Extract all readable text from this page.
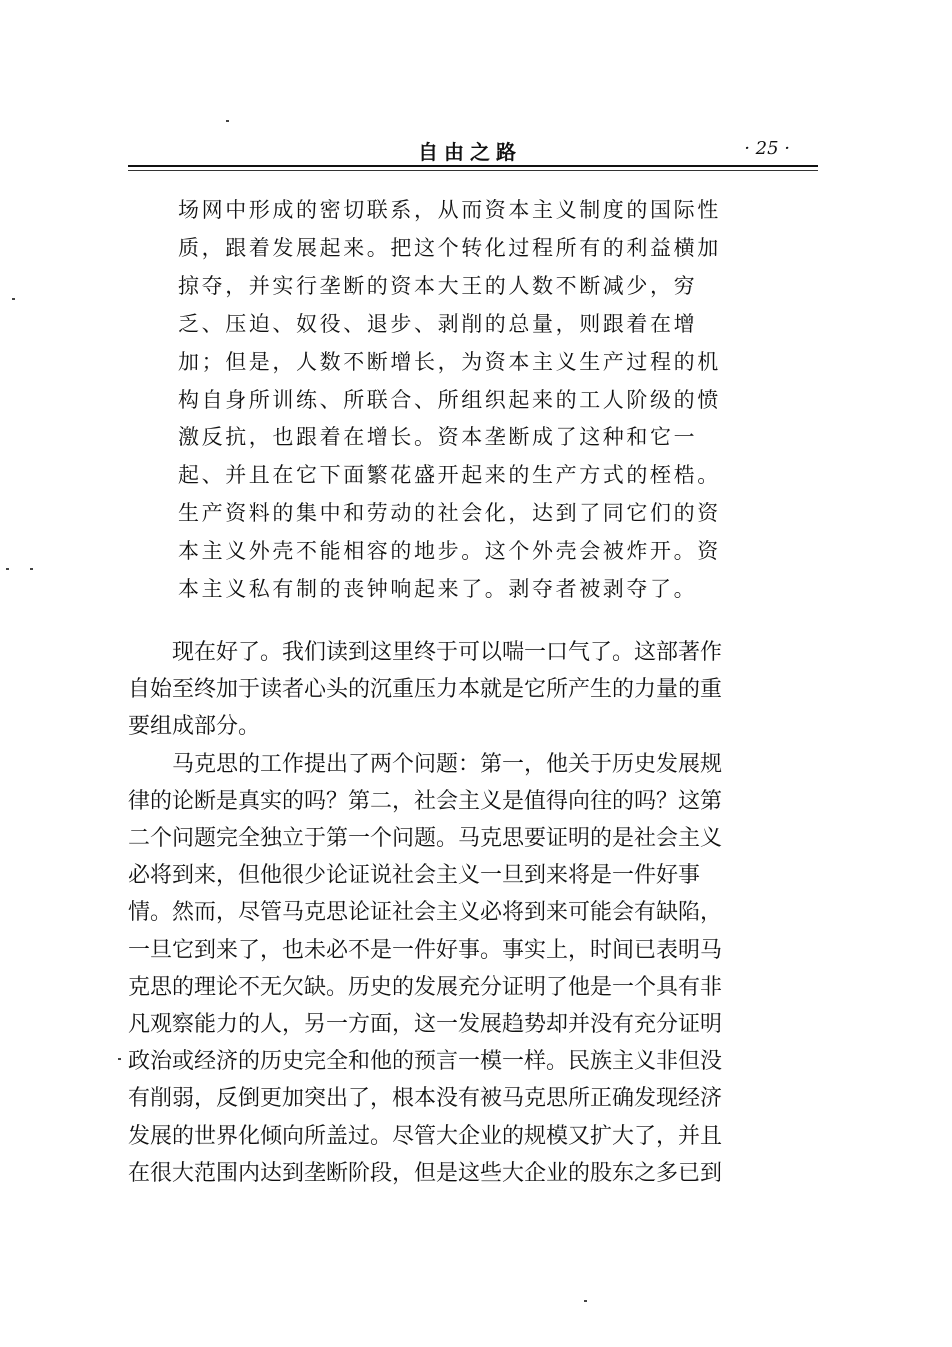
自由之路	· 25 ·
场网中形成的密切联系，从而资本主义制度的国际性
质，跟着发展起来。把这个转化过程所有的利益横加
掠夺，并实行垄断的资本大王的人数不断减少，穷
乏、压迫、奴役、退步、剥削的总量，则跟着在增
加；但是，人数不断增长，为资本主义生产过程的机
构自身所训练、所联合、所组织起来的工人阶级的愤
激反抗，也跟着在增长。资本垄断成了这种和它一
起、并且在它下面繁花盛开起来的生产方式的桎梏。
生产资料的集中和劳动的社会化，达到了同它们的资
本主义外壳不能相容的地步。这个外壳会被炸开。资
本主义私有制的丧钟响起来了。剥夺者被剥夺了。
　　现在好了。我们读到这里终于可以喘一口气了。这部著作
自始至终加于读者心头的沉重压力本就是它所产生的力量的重
要组成部分。
　　马克思的工作提出了两个问题：第一，他关于历史发展规
律的论断是真实的吗？第二，社会主义是值得向往的吗？这第
二个问题完全独立于第一个问题。马克思要证明的是社会主义
必将到来，但他很少论证说社会主义一旦到来将是一件好事
情。然而，尽管马克思论证社会主义必将到来可能会有缺陷，
一旦它到来了，也未必不是一件好事。事实上，时间已表明马
克思的理论不无欠缺。历史的发展充分证明了他是一个具有非
凡观察能力的人，另一方面，这一发展趋势却并没有充分证明
政治或经济的历史完全和他的预言一模一样。民族主义非但没
有削弱，反倒更加突出了，根本没有被马克思所正确发现经济
发展的世界化倾向所盖过。尽管大企业的规模又扩大了，并且
在很大范围内达到垄断阶段，但是这些大企业的股东之多已到
